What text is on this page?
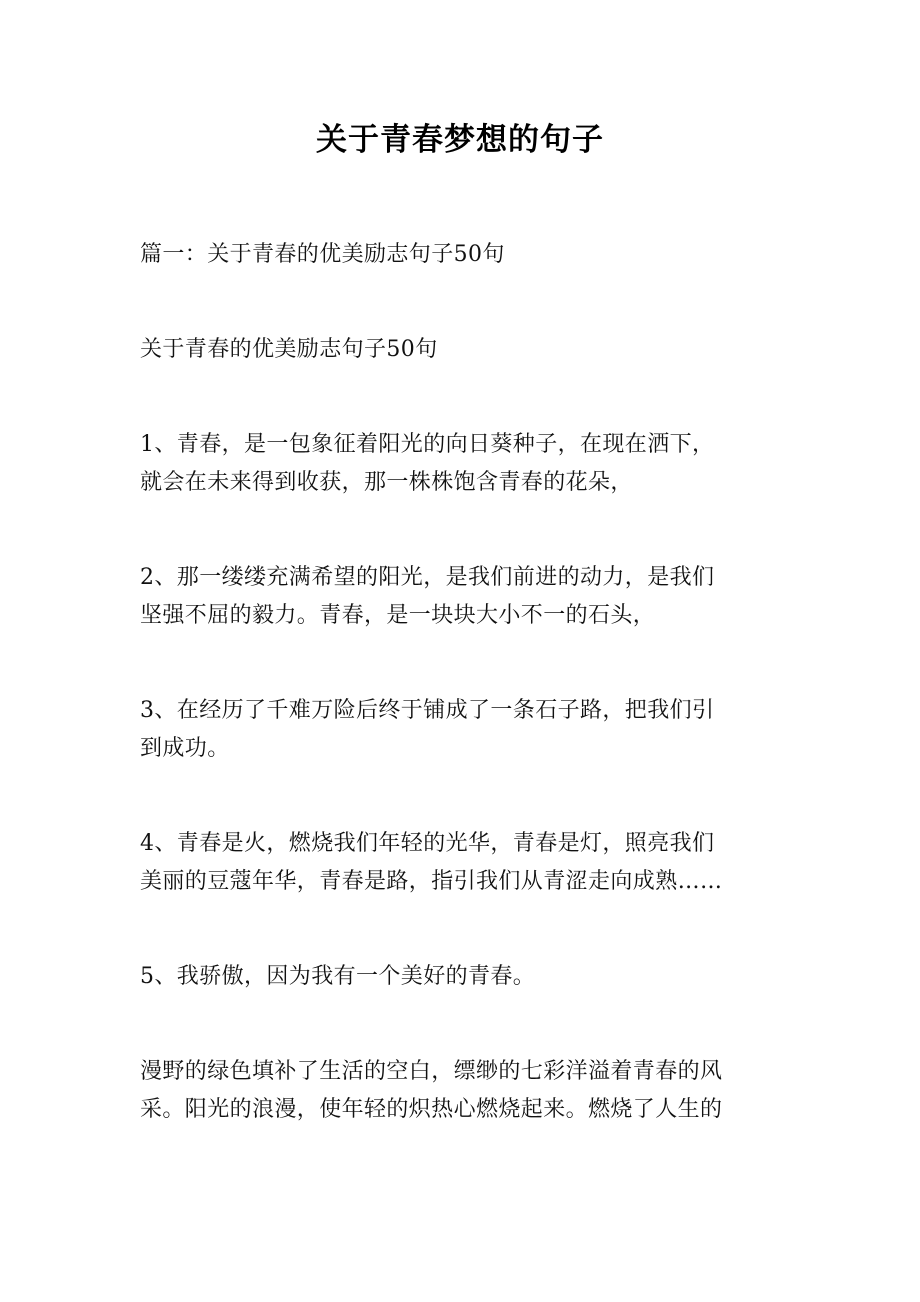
关于青春梦想的句子

篇一：关于青春的优美励志句子50句

关于青春的优美励志句子50句

1、青春，是一包象征着阳光的向日葵种子，在现在洒下，
就会在未来得到收获，那一株株饱含青春的花朵，

2、那一缕缕充满希望的阳光，是我们前进的动力，是我们
坚强不屈的毅力。青春，是一块块大小不一的石头，

3、在经历了千难万险后终于铺成了一条石子路，把我们引
到成功。

4、青春是火，燃烧我们年轻的光华，青春是灯，照亮我们
美丽的豆蔻年华，青春是路，指引我们从青涩走向成熟……

5、我骄傲，因为我有一个美好的青春。

漫野的绿色填补了生活的空白，缥缈的七彩洋溢着青春的风
采。阳光的浪漫，使年轻的炽热心燃烧起来。燃烧了人生的
